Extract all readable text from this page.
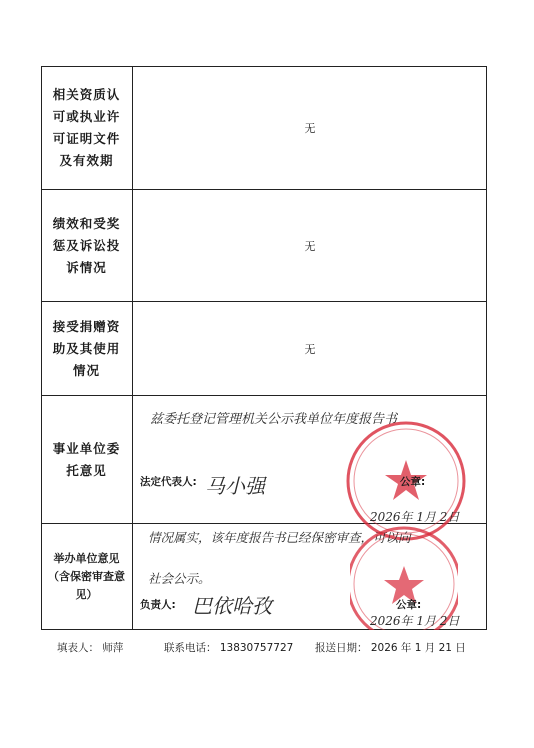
相关资质认可或执业许可证明文件及有效期
无
绩效和受奖惩及诉讼投诉情况
无
接受捐赠资助及其使用情况
无
事业单位委托意见
兹委托登记管理机关公示我单位年度报告书
法定代表人: 马小强	公章:
2026年 1月 2日
举办单位意见（含保密审查意见）
情况属实，该年度报告书已经保密审查，可以向
社会公示。
负责人: 巴依哈孜	公章:
2026年 1月 2日
填表人： 师萍	联系电话： 13830757727 报送日期： 2026 年 1 月 21 日
